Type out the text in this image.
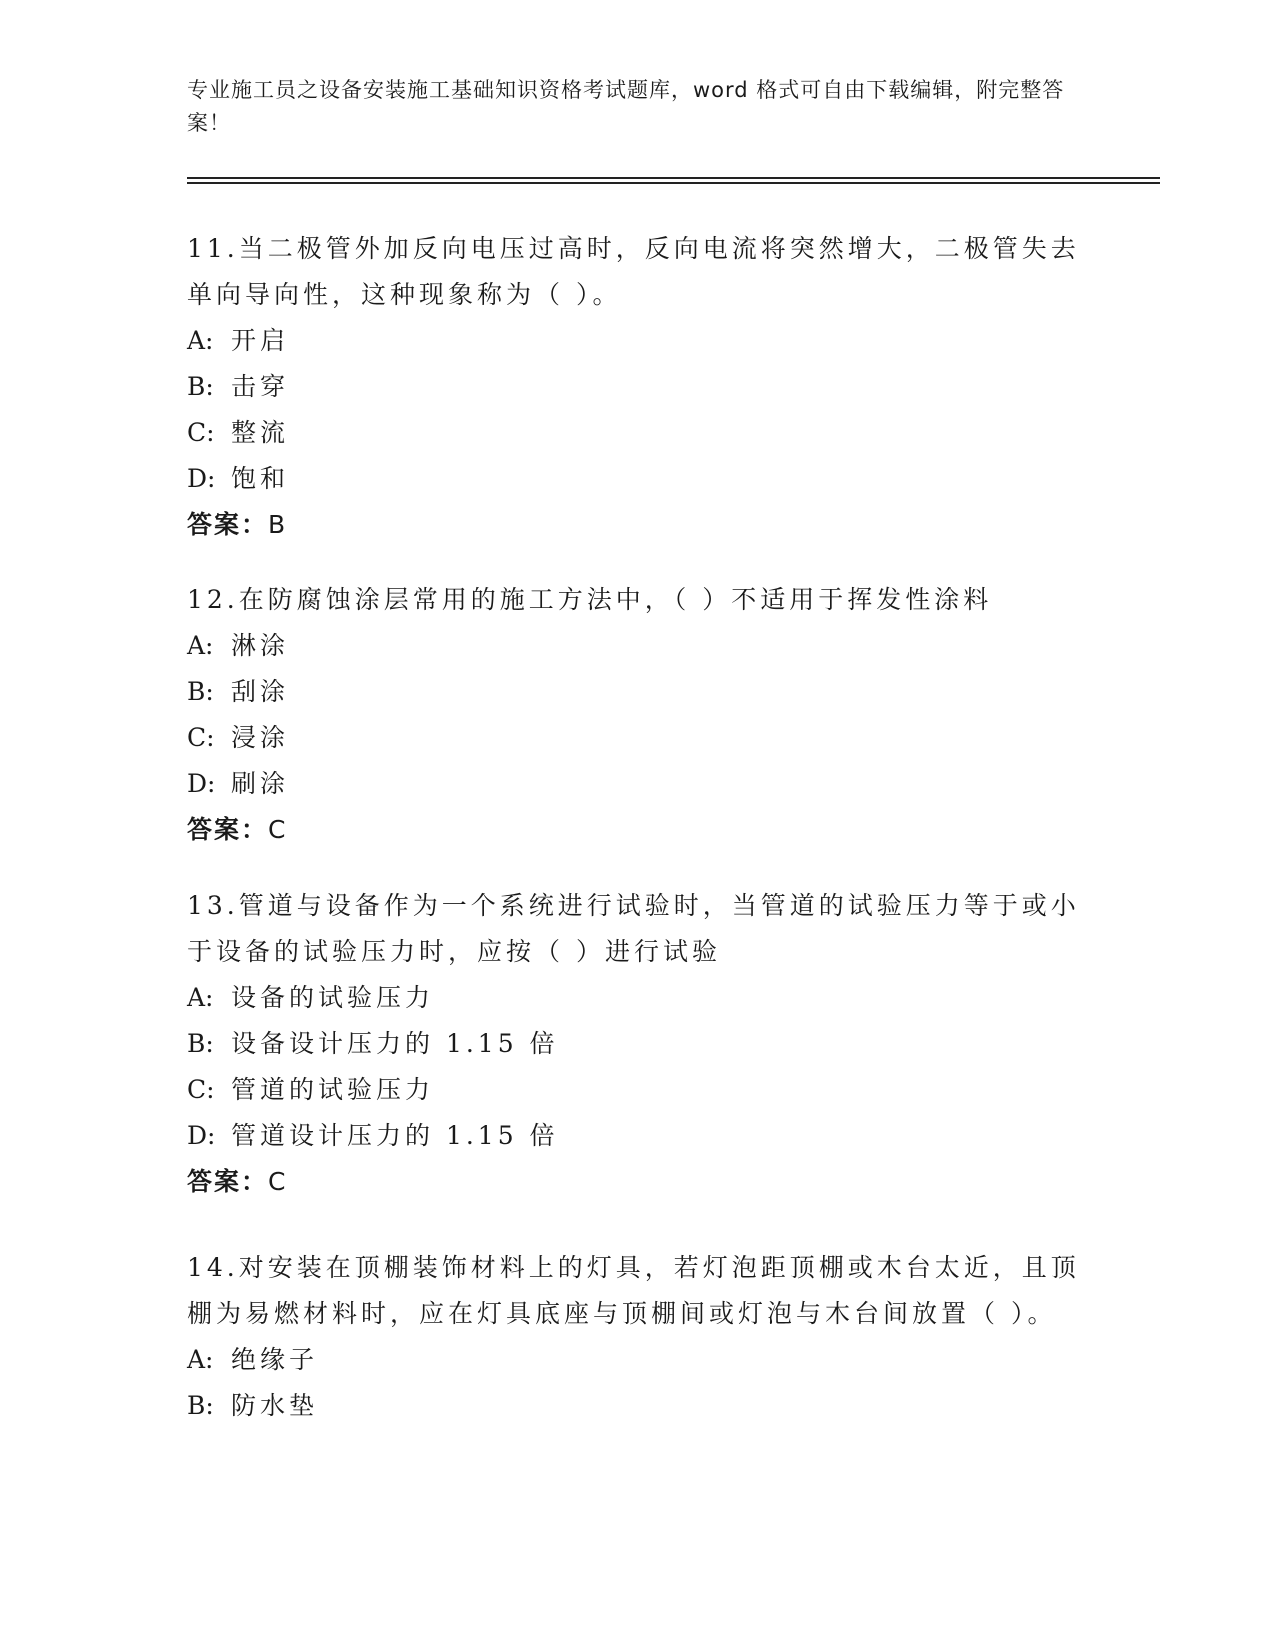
专业施工员之设备安装施工基础知识资格考试题库，word 格式可自由下载编辑，附完整答案！

11.当二极管外加反向电压过高时，反向电流将突然增大，二极管失去单向导向性，这种现象称为（ ）。

A: 开启

B: 击穿

C: 整流

D: 饱和

答案：B

12.在防腐蚀涂层常用的施工方法中，（ ）不适用于挥发性涂料

A: 淋涂

B: 刮涂

C: 浸涂

D: 刷涂

答案：C

13.管道与设备作为一个系统进行试验时，当管道的试验压力等于或小于设备的试验压力时，应按（ ）进行试验

A: 设备的试验压力

B: 设备设计压力的 1.15 倍

C: 管道的试验压力

D: 管道设计压力的 1.15 倍

答案：C

14.对安装在顶棚装饰材料上的灯具，若灯泡距顶棚或木台太近，且顶棚为易燃材料时，应在灯具底座与顶棚间或灯泡与木台间放置（ ）。

A: 绝缘子

B: 防水垫
